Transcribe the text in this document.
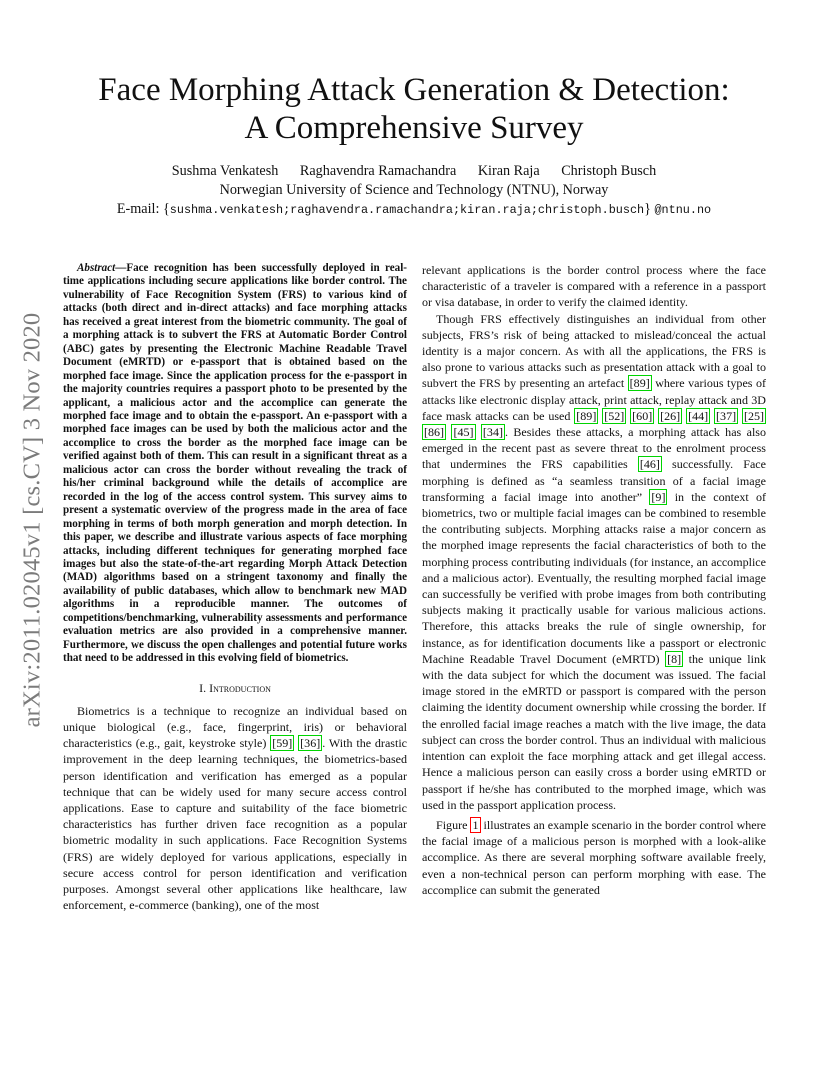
arXiv:2011.02045v1 [cs.CV] 3 Nov 2020
Face Morphing Attack Generation & Detection:
A Comprehensive Survey
Sushma Venkatesh Raghavendra Ramachandra Kiran Raja Christoph Busch
Norwegian University of Science and Technology (NTNU), Norway
E-mail: {sushma.venkatesh;raghavendra.ramachandra;kiran.raja;christoph.busch} @ntnu.no

Abstract—Face recognition has been successfully deployed in real-time applications including secure applications like border control. The vulnerability of Face Recognition System (FRS) to various kind of attacks (both direct and in-direct attacks) and face morphing attacks has received a great interest from the biometric community. The goal of a morphing attack is to subvert the FRS at Automatic Border Control (ABC) gates by presenting the Electronic Machine Readable Travel Document (eMRTD) or e-passport that is obtained based on the morphed face image. Since the application process for the e-passport in the majority countries requires a passport photo to be presented by the applicant, a malicious actor and the accomplice can generate the morphed face image and to obtain the e-passport. An e-passport with a morphed face images can be used by both the malicious actor and the accomplice to cross the border as the morphed face image can be verified against both of them. This can result in a significant threat as a malicious actor can cross the border without revealing the track of his/her criminal background while the details of accomplice are recorded in the log of the access control system. This survey aims to present a systematic overview of the progress made in the area of face morphing in terms of both morph generation and morph detection. In this paper, we describe and illustrate various aspects of face morphing attacks, including different techniques for generating morphed face images but also the state-of-the-art regarding Morph Attack Detection (MAD) algorithms based on a stringent taxonomy and finally the availability of public databases, which allow to benchmark new MAD algorithms in a reproducible manner. The outcomes of competitions/benchmarking, vulnerability assessments and performance evaluation metrics are also provided in a comprehensive manner. Furthermore, we discuss the open challenges and potential future works that need to be addressed in this evolving field of biometrics.

I. Introduction

Biometrics is a technique to recognize an individual based on unique biological (e.g., face, fingerprint, iris) or behavioral characteristics (e.g., gait, keystroke style) [59] [36] . With the drastic improvement in the deep learning techniques, the biometrics-based person identification and verification has emerged as a popular technique that can be widely used for many secure access control applications. Ease to capture and suitability of the face biometric characteristics has further driven face recognition as a popular biometric modality in such applications. Face Recognition Systems (FRS) are widely deployed for various applications, especially in secure access control for person identification and verification purposes. Amongst several other applications like healthcare, law enforcement, e-commerce (banking), one of the most

relevant applications is the border control process where the face characteristic of a traveler is compared with a reference in a passport or visa database, in order to verify the claimed identity.

Though FRS effectively distinguishes an individual from other subjects, FRS’s risk of being attacked to mislead/conceal the actual identity is a major concern. As with all the applications, the FRS is also prone to various attacks such as presentation attack with a goal to subvert the FRS by presenting an artefact [89] where various types of attacks like electronic display attack, print attack, replay attack and 3D face mask attacks can be used [89] [52] [60] [26] [44] [37] [25] [86] [45] [34] . Besides these attacks, a morphing attack has also emerged in the recent past as severe threat to the enrolment process that undermines the FRS capabilities [46] successfully. Face morphing is defined as “a seamless transition of a facial image transforming a facial image into another” [9] in the context of biometrics, two or multiple facial images can be combined to resemble the contributing subjects. Morphing attacks raise a major concern as the morphed image represents the facial characteristics of both to the morphing process contributing individuals (for instance, an accomplice and a malicious actor). Eventually, the resulting morphed facial image can successfully be verified with probe images from both contributing subjects making it practically usable for various malicious actions. Therefore, this attacks breaks the rule of single ownership, for instance, as for identification documents like a passport or electronic Machine Readable Travel Document (eMRTD) [8] the unique link with the data subject for which the document was issued. The facial image stored in the eMRTD or passport is compared with the person claiming the identity document ownership while crossing the border. If the enrolled facial image reaches a match with the live image, the data subject can cross the border control. Thus an individual with malicious intention can exploit the face morphing attack and get illegal access. Hence a malicious person can easily cross a border using eMRTD or passport if he/she has contributed to the morphed image, which was used in the passport application process.

Figure 1 illustrates an example scenario in the border control where the facial image of a malicious person is morphed with a look-alike accomplice. As there are several morphing software available freely, even a non-technical person can perform morphing with ease. The accomplice can submit the generated
